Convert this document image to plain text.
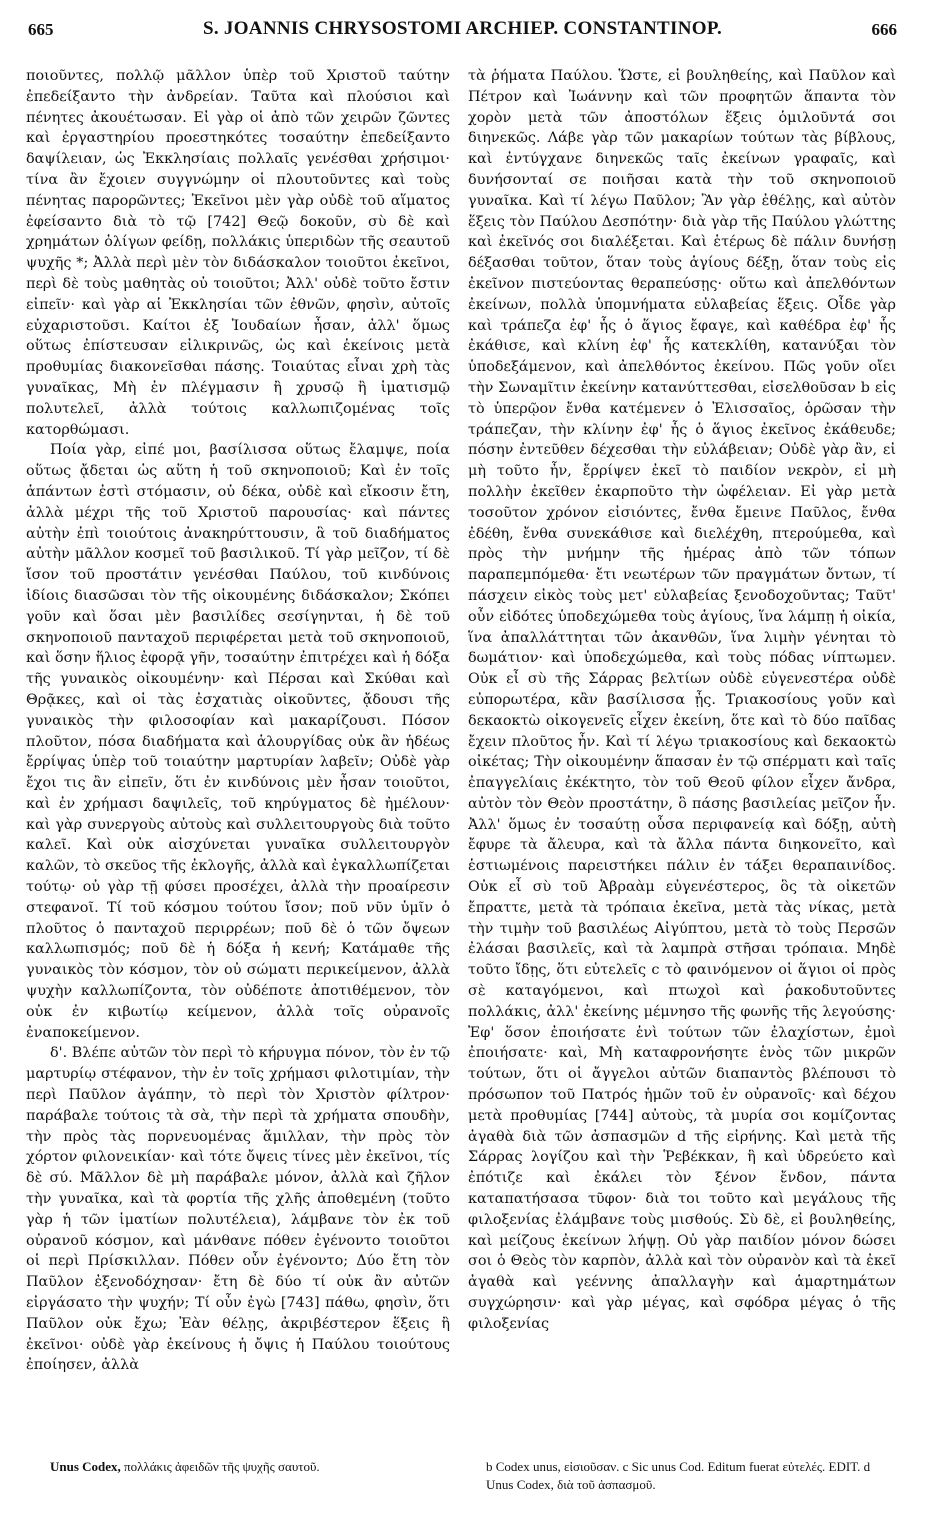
665	S. JOANNIS CHRYSOSTOMI ARCHIEP. CONSTANTINOP.	666

ποιοῦντες, πολλῷ μᾶλλον ὑπὲρ τοῦ Χριστοῦ ταύτην ἐπεδείξαντο τὴν ἀνδρείαν. Ταῦτα καὶ πλούσιοι καὶ πένητες ἀκουέτωσαν. Εἰ γὰρ οἱ ἀπὸ τῶν χειρῶν ζῶντες καὶ ἐργαστηρίου προεστηκότες τοσαύτην ἐπεδείξαντο δαψίλειαν, ὡς Ἐκκλησίαις πολλαῖς γενέσθαι χρήσιμοι· τίνα ἂν ἔχοιεν συγγνώμην οἱ πλουτοῦντες καὶ τοὺς πένητας παρορῶντες; Ἐκεῖνοι μὲν γὰρ οὐδὲ τοῦ αἵματος ἐφείσαντο διὰ τὸ τῷ [742] Θεῷ δοκοῦν, σὺ δὲ καὶ χρημάτων ὀλίγων φείδῃ, πολλάκις ὑπεριδὼν τῆς σεαυτοῦ ψυχῆς *; Ἀλλὰ περὶ μὲν τὸν διδάσκαλον τοιοῦτοι ἐκεῖνοι, περὶ δὲ τοὺς μαθητὰς οὐ τοιοῦτοι; Ἀλλ' οὐδὲ τοῦτο ἔστιν εἰπεῖν· καὶ γὰρ αἱ Ἐκκλησίαι τῶν ἐθνῶν, φησὶν, αὐτοῖς εὐχαριστοῦσι. Καίτοι ἐξ Ἰουδαίων ἦσαν, ἀλλ' ὅμως οὕτως ἐπίστευσαν εἰλικρινῶς, ὡς καὶ ἐκείνοις μετὰ προθυμίας διακονεῖσθαι πάσης. Τοιαύτας εἶναι χρὴ τὰς γυναῖκας, Μὴ ἐν πλέγμασιν ἢ χρυσῷ ἢ ἱματισμῷ πολυτελεῖ, ἀλλὰ τούτοις καλλωπιζομένας τοῖς κατορθώμασι.

Ποία γὰρ, εἰπέ μοι, βασίλισσα οὕτως ἔλαμψε, ποία οὕτως ᾄδεται ὡς αὕτη ἡ τοῦ σκηνοποιοῦ; Καὶ ἐν τοῖς ἁπάντων ἐστὶ στόμασιν, οὐ δέκα, οὐδὲ καὶ εἴκοσιν ἔτη, ἀλλὰ μέχρι τῆς τοῦ Χριστοῦ παρουσίας· καὶ πάντες αὐτὴν ἐπὶ τοιούτοις ἀνακηρύττουσιν, ἃ τοῦ διαδήματος αὐτὴν μᾶλλον κοσμεῖ τοῦ βασιλικοῦ. Τί γὰρ μεῖζον, τί δὲ ἴσον τοῦ προστάτιν γενέσθαι Παύλου, τοῦ κινδύνοις ἰδίοις διασῶσαι τὸν τῆς οἰκουμένης διδάσκαλον; Σκόπει γοῦν καὶ ὅσαι μὲν βασιλίδες σεσίγηνται, ἡ δὲ τοῦ σκηνοποιοῦ πανταχοῦ περιφέρεται μετὰ τοῦ σκηνοποιοῦ, καὶ ὅσην ἥλιος ἐφορᾷ γῆν, τοσαύτην ἐπιτρέχει καὶ ἡ δόξα τῆς γυναικὸς οἰκουμένην· καὶ Πέρσαι καὶ Σκύθαι καὶ Θρᾷκες, καὶ οἱ τὰς ἐσχατιὰς οἰκοῦντες, ᾄδουσι τῆς γυναικὸς τὴν φιλοσοφίαν καὶ μακαρίζουσι. Πόσον πλοῦτον, πόσα διαδήματα καὶ ἁλουργίδας οὐκ ἂν ἡδέως ἔρρίψας ὑπὲρ τοῦ τοιαύτην μαρτυρίαν λαβεῖν; Οὐδὲ γὰρ ἔχοι τις ἂν εἰπεῖν, ὅτι ἐν κινδύνοις μὲν ἦσαν τοιοῦτοι, καὶ ἐν χρήμασι δαψιλεῖς, τοῦ κηρύγματος δὲ ἠμέλουν· καὶ γὰρ συνεργοὺς αὐτοὺς καὶ συλλειτουργοὺς διὰ τοῦτο καλεῖ. Καὶ οὐκ αἰσχύνεται γυναῖκα συλλειτουργὸν καλῶν, τὸ σκεῦος τῆς ἐκλογῆς, ἀλλὰ καὶ ἐγκαλλωπίζεται τούτῳ· οὐ γὰρ τῇ φύσει προσέχει, ἀλλὰ τὴν προαίρεσιν στεφανοῖ. Τί τοῦ κόσμου τούτου ἴσον; ποῦ νῦν ὑμῖν ὁ πλοῦτος ὁ πανταχοῦ περιρρέων; ποῦ δὲ ὁ τῶν ὄψεων καλλωπισμός; ποῦ δὲ ἡ δόξα ἡ κενή; Κατάμαθε τῆς γυναικὸς τὸν κόσμον, τὸν οὐ σώματι περικείμενον, ἀλλὰ ψυχὴν καλλωπίζοντα, τὸν οὐδέποτε ἀποτιθέμενον, τὸν οὐκ ἐν κιβωτίῳ κείμενον, ἀλλὰ τοῖς οὐρανοῖς ἐναποκείμενον.

δ'. Βλέπε αὐτῶν τὸν περὶ τὸ κήρυγμα πόνον, τὸν ἐν τῷ μαρτυρίῳ στέφανον, τὴν ἐν τοῖς χρήμασι φιλοτιμίαν, τὴν περὶ Παῦλον ἀγάπην, τὸ περὶ τὸν Χριστὸν φίλτρον· παράβαλε τούτοις τὰ σὰ, τὴν περὶ τὰ χρήματα σπουδὴν, τὴν πρὸς τὰς πορνευομένας ἅμιλλαν, τὴν πρὸς τὸν χόρτον φιλονεικίαν· καὶ τότε ὄψεις τίνες μὲν ἐκεῖνοι, τίς δὲ σύ. Μᾶλλον δὲ μὴ παράβαλε μόνον, ἀλλὰ καὶ ζῆλον τὴν γυναῖκα, καὶ τὰ φορτία τῆς χλῆς ἀποθεμένη (τοῦτο γὰρ ἡ τῶν ἱματίων πολυτέλεια), λάμβανε τὸν ἐκ τοῦ οὐρανοῦ κόσμον, καὶ μάνθανε πόθεν ἐγένοντο τοιοῦτοι οἱ περὶ Πρίσκιλλαν. Πόθεν οὖν ἐγένοντο; Δύο ἔτη τὸν Παῦλον ἐξενοδόχησαν· ἔτη δὲ δύο τί οὐκ ἂν αὐτῶν εἰργάσατο τὴν ψυχήν; Τί οὖν ἐγὼ [743] πάθω, φησὶν, ὅτι Παῦλον οὐκ ἔχω; Ἐὰν θέλῃς, ἀκριβέστερον ἕξεις ἢ ἐκεῖνοι· οὐδὲ γὰρ ἐκείνους ἡ ὄψις ἡ Παύλου τοιούτους ἐποίησεν, ἀλλὰ

τὰ ῥήματα Παύλου. Ὥστε, εἰ βουληθείης, καὶ Παῦλον καὶ Πέτρον καὶ Ἰωάννην καὶ τῶν προφητῶν ἅπαντα τὸν χορὸν μετὰ τῶν ἀποστόλων ἕξεις ὁμιλοῦντά σοι διηνεκῶς. Λάβε γὰρ τῶν μακαρίων τούτων τὰς βίβλους, καὶ ἐντύγχανε διηνεκῶς ταῖς ἐκείνων γραφαῖς, καὶ δυνήσονταί σε ποιῆσαι κατὰ τὴν τοῦ σκηνοποιοῦ γυναῖκα. Καὶ τί λέγω Παῦλον; Ἂν γὰρ ἐθέλῃς, καὶ αὐτὸν ἕξεις τὸν Παύλου Δεσπότην· διὰ γὰρ τῆς Παύλου γλώττης καὶ ἐκεῖνός σοι διαλέξεται. Καὶ ἑτέρως δὲ πάλιν δυνήσῃ δέξασθαι τοῦτον, ὅταν τοὺς ἁγίους δέξῃ, ὅταν τοὺς εἰς ἐκεῖνον πιστεύοντας θεραπεύσῃς· οὕτω καὶ ἀπελθόντων ἐκείνων, πολλὰ ὑπομνήματα εὐλαβείας ἕξεις. Οἶδε γὰρ καὶ τράπεζα ἐφ' ἧς ὁ ἅγιος ἔφαγε, καὶ καθέδρα ἐφ' ἧς ἐκάθισε, καὶ κλίνη ἐφ' ἧς κατεκλίθη, κατανύξαι τὸν ὑποδεξάμενον, καὶ ἀπελθόντος ἐκείνου. Πῶς γοῦν οἴει τὴν Σωναμῖτιν ἐκείνην κατανύττεσθαι, εἰσελθοῦσαν b εἰς τὸ ὑπερῷον ἔνθα κατέμενεν ὁ Ἐλισσαῖος, ὁρῶσαν τὴν τράπεζαν, τὴν κλίνην ἐφ' ἧς ὁ ἅγιος ἐκεῖνος ἐκάθευδε; πόσην ἐντεῦθεν δέχεσθαι τὴν εὐλάβειαν; Οὐδὲ γὰρ ἂν, εἰ μὴ τοῦτο ἦν, ἔρρίψεν ἐκεῖ τὸ παιδίον νεκρὸν, εἰ μὴ πολλὴν ἐκεῖθεν ἐκαρποῦτο τὴν ὠφέλειαν. Εἰ γὰρ μετὰ τοσοῦτον χρόνον εἰσιόντες, ἔνθα ἔμεινε Παῦλος, ἔνθα ἐδέθη, ἔνθα συνεκάθισε καὶ διελέχθη, πτερούμεθα, καὶ πρὸς τὴν μνήμην τῆς ἡμέρας ἀπὸ τῶν τόπων παραπεμπόμεθα· ἔτι νεωτέρων τῶν πραγμάτων ὄντων, τί πάσχειν εἰκὸς τοὺς μετ' εὐλαβείας ξενοδοχοῦντας; Ταῦτ' οὖν εἰδότες ὑποδεχώμεθα τοὺς ἁγίους, ἵνα λάμπῃ ἡ οἰκία, ἵνα ἀπαλλάττηται τῶν ἀκανθῶν, ἵνα λιμὴν γένηται τὸ δωμάτιον· καὶ ὑποδεχώμεθα, καὶ τοὺς πόδας νίπτωμεν. Οὐκ εἶ σὺ τῆς Σάρρας βελτίων οὐδὲ εὐγενεστέρα οὐδὲ εὐπορωτέρα, κἂν βασίλισσα ᾖς. Τριακοσίους γοῦν καὶ δεκαοκτὼ οἰκογενεῖς εἶχεν ἐκείνη, ὅτε καὶ τὸ δύο παῖδας ἔχειν πλοῦτος ἦν. Καὶ τί λέγω τριακοσίους καὶ δεκαοκτὼ οἰκέτας; Τὴν οἰκουμένην ἅπασαν ἐν τῷ σπέρματι καὶ ταῖς ἐπαγγελίαις ἐκέκτητο, τὸν τοῦ Θεοῦ φίλον εἶχεν ἄνδρα, αὐτὸν τὸν Θεὸν προστάτην, ὃ πάσης βασιλείας μεῖζον ἦν. Ἀλλ' ὅμως ἐν τοσαύτῃ οὖσα περιφανείᾳ καὶ δόξῃ, αὐτὴ ἔφυρε τὰ ἄλευρα, καὶ τὰ ἄλλα πάντα διηκονεῖτο, καὶ ἑστιωμένοις παρειστήκει πάλιν ἐν τάξει θεραπαινίδος. Οὐκ εἶ σὺ τοῦ Ἀβραὰμ εὐγενέστερος, ὃς τὰ οἰκετῶν ἔπραττε, μετὰ τὰ τρόπαια ἐκεῖνα, μετὰ τὰς νίκας, μετὰ τὴν τιμὴν τοῦ βασιλέως Αἰγύπτου, μετὰ τὸ τοὺς Περσῶν ἐλάσαι βασιλεῖς, καὶ τὰ λαμπρὰ στῆσαι τρόπαια. Μηδὲ τοῦτο ἴδῃς, ὅτι εὐτελεῖς c τὸ φαινόμενον οἱ ἅγιοι οἱ πρὸς σὲ καταγόμενοι, καὶ πτωχοὶ καὶ ῥακοδυτοῦντες πολλάκις, ἀλλ' ἐκείνης μέμνησο τῆς φωνῆς τῆς λεγούσης· Ἐφ' ὅσον ἐποιήσατε ἑνὶ τούτων τῶν ἐλαχίστων, ἐμοὶ ἐποιήσατε· καὶ, Μὴ καταφρονήσητε ἑνὸς τῶν μικρῶν τούτων, ὅτι οἱ ἄγγελοι αὐτῶν διαπαντὸς βλέπουσι τὸ πρόσωπον τοῦ Πατρός ἡμῶν τοῦ ἐν οὐρανοῖς· καὶ δέχου μετὰ προθυμίας [744] αὐτοὺς, τὰ μυρία σοι κομίζοντας ἀγαθὰ διὰ τῶν ἀσπασμῶν d τῆς εἰρήνης. Καὶ μετὰ τῆς Σάρρας λογίζου καὶ τὴν Ῥεβέκκαν, ἣ καὶ ὑδρεύετο καὶ ἐπότιζε καὶ ἐκάλει τὸν ξένον ἔνδον, πάντα καταπατήσασα τῦφον· διὰ τοι τοῦτο καὶ μεγάλους τῆς φιλοξενίας ἐλάμβανε τοὺς μισθούς. Σὺ δὲ, εἰ βουληθείης, καὶ μείζους ἐκείνων λήψῃ. Οὐ γὰρ παιδίον μόνον δώσει σοι ὁ Θεὸς τὸν καρπὸν, ἀλλὰ καὶ τὸν οὐρανὸν καὶ τὰ ἐκεῖ ἀγαθὰ καὶ γεέννης ἀπαλλαγὴν καὶ ἁμαρτημάτων συγχώρησιν· καὶ γὰρ μέγας, καὶ σφόδρα μέγας ὁ τῆς φιλοξενίας

Unus Codex, πολλάκις ἀφειδῶν τῆς ψυχῆς σαυτοῦ.	b Codex unus, εἰσιοῦσαν. c Sic unus Cod. Editum fuerat εὐτελές. EDIT. d Unus Codex, διὰ τοῦ ἀσπασμοῦ.
